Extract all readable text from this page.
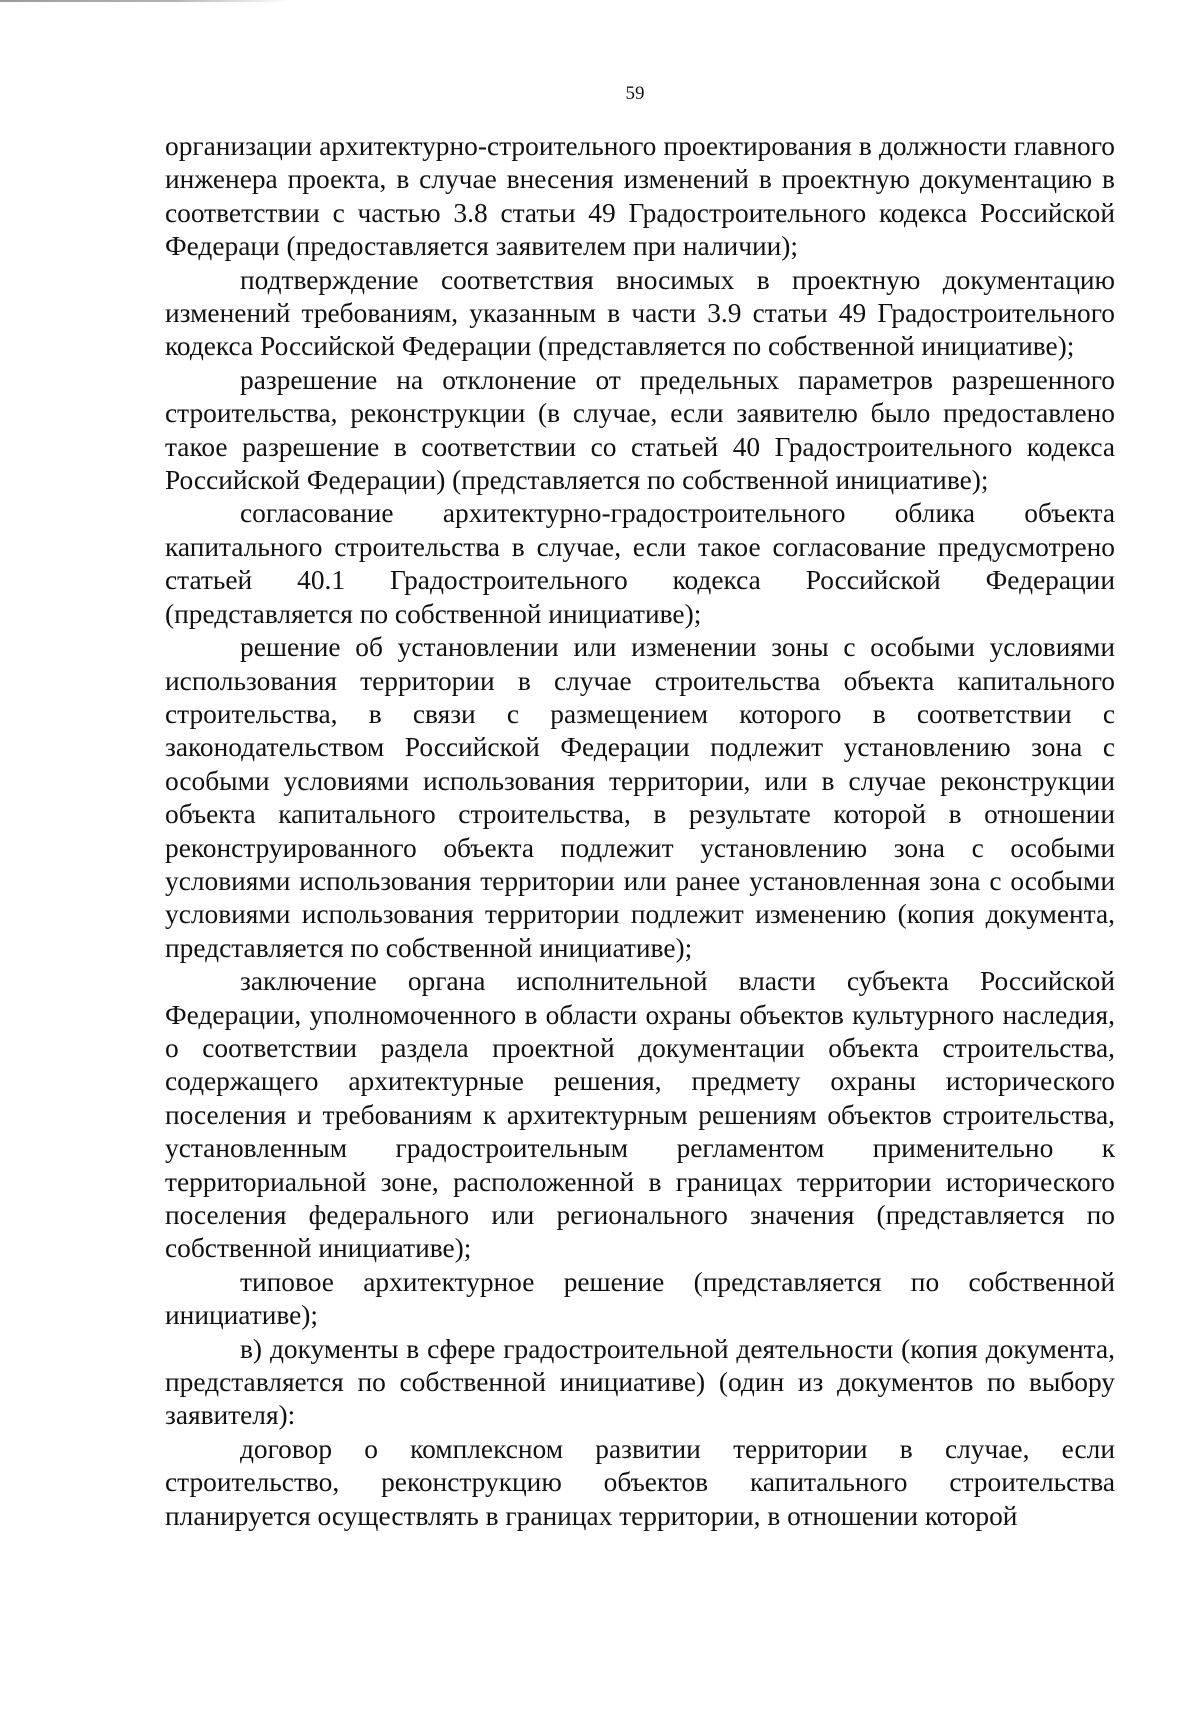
59

организации архитектурно-строительного проектирования в должности главного инженера проекта, в случае внесения изменений в проектную документацию в соответствии с частью 3.8 статьи 49 Градостроительного кодекса Российской Федераци (предоставляется заявителем при наличии);

подтверждение соответствия вносимых в проектную документацию изменений требованиям, указанным в части 3.9 статьи 49 Градостроительного кодекса Российской Федерации (представляется по собственной инициативе);

разрешение на отклонение от предельных параметров разрешенного строительства, реконструкции (в случае, если заявителю было предоставлено такое разрешение в соответствии со статьей 40 Градостроительного кодекса Российской Федерации) (представляется по собственной инициативе);

согласование архитектурно-градостроительного облика объекта капитального строительства в случае, если такое согласование предусмотрено статьей 40.1 Градостроительного кодекса Российской Федерации (представляется по собственной инициативе);

решение об установлении или изменении зоны с особыми условиями использования территории в случае строительства объекта капитального строительства, в связи с размещением которого в соответствии с законодательством Российской Федерации подлежит установлению зона с особыми условиями использования территории, или в случае реконструкции объекта капитального строительства, в результате которой в отношении реконструированного объекта подлежит установлению зона с особыми условиями использования территории или ранее установленная зона с особыми условиями использования территории подлежит изменению (копия документа, представляется по собственной инициативе);

заключение органа исполнительной власти субъекта Российской Федерации, уполномоченного в области охраны объектов культурного наследия, о соответствии раздела проектной документации объекта строительства, содержащего архитектурные решения, предмету охраны исторического поселения и требованиям к архитектурным решениям объектов строительства, установленным градостроительным регламентом применительно к территориальной зоне, расположенной в границах территории исторического поселения федерального или регионального значения (представляется по собственной инициативе);

типовое архитектурное решение (представляется по собственной инициативе);

в) документы в сфере градостроительной деятельности (копия документа, представляется по собственной инициативе) (один из документов по выбору заявителя):

договор о комплексном развитии территории в случае, если строительство, реконструкцию объектов капитального строительства планируется осуществлять в границах территории, в отношении которой
